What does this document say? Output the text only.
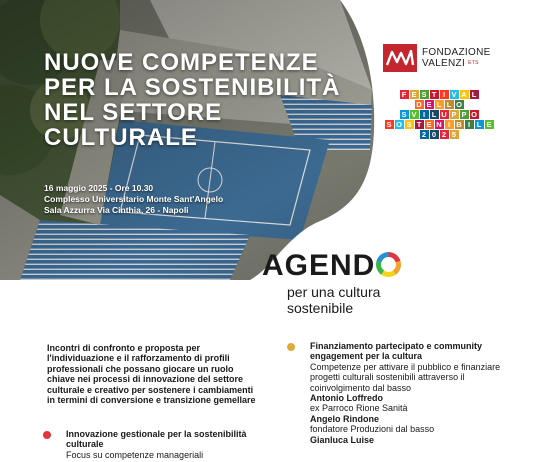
NUOVE COMPETENZE PER LA SOSTENIBILITÀ NEL SETTORE CULTURALE
16 maggio 2025 - Ore 10.30
Complesso Universitario Monte Sant'Angelo
Sala Azzurra Via Cinthia, 26 - Napoli
FONDAZIONE
VALENZI $^{ETS}$
F E S T I V A L
D E L L O
S V I L U P P O
S O S T E N I B I L E
2 0 2 5
AGEND
per una cultura
sostenibile
Incontri di confronto e proposta per l'individuazione e il rafforzamento di profili professionali che possano giocare un ruolo chiave nei processi di innovazione del settore culturale e creativo per sostenere i cambiamenti in termini di conversione e transizione gemellare
Innovazione gestionale per la sostenibilità culturale
Focus su competenze manageriali
Finanziamento partecipato e community engagement per la cultura
Competenze per attivare il pubblico e finanziare progetti culturali sostenibili attraverso il coinvolgimento dal basso
Antonio Loffredo
ex Parroco Rione Sanità
Angelo Rindone
fondatore Produzioni dal basso
Gianluca Luise
